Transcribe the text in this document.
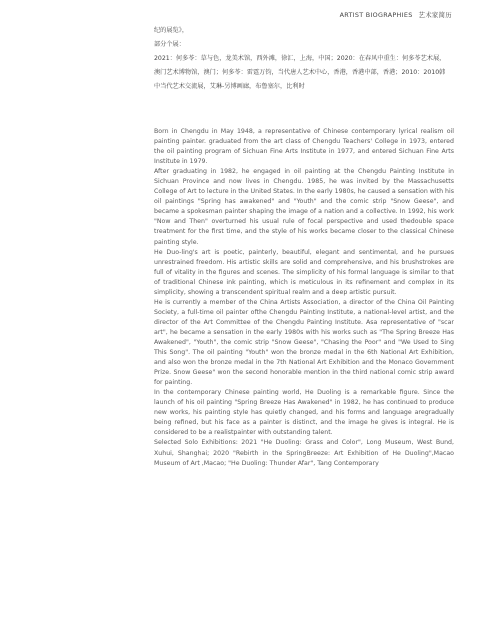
ARTIST BIOGRAPHIES 艺术家简历
纪的展览》，
部分个展：
2021：何多苓：草与色，龙美术馆，西外滩，徐汇，上海，中国；2020：在春风中重生：何多苓艺术展，
澳门艺术博物馆，澳门；何多苓：雷霆万钧，当代唐人艺术中心，香港，香港中部，香港；2010：2010韩
中当代艺术交流展，艾琳-另博画廊，布鲁塞尔，比利时

Born in Chengdu in May 1948, a representative of Chinese contemporary lyrical realism oil painting painter. graduated from the art class of Chengdu Teachers' College in 1973, entered the oil painting program of Sichuan Fine Arts Institute in 1977, and entered Sichuan Fine Arts Institute in 1979.

After graduating in 1982, he engaged in oil painting at the Chengdu Painting Institute in Sichuan Province and now lives in Chengdu. 1985, he was invited by the Massachusetts College of Art to lecture in the United States. In the early 1980s, he caused a sensation with his oil paintings "Spring has awakened" and "Youth" and the comic strip "Snow Geese", and became a spokesman painter shaping the image of a nation and a collective. In 1992, his work "Now and Then" overturned his usual rule of focal perspective and used thedouble space treatment for the first time, and the style of his works became closer to the classical Chinese painting style.

He Duo-ling's art is poetic, painterly, beautiful, elegant and sentimental, and he pursues unrestrained freedom. His artistic skills are solid and comprehensive, and his brushstrokes are full of vitality in the figures and scenes. The simplicity of his formal language is similar to that of traditional Chinese ink painting, which is meticulous in its refinement and complex in its simplicity, showing a transcendent spiritual realm and a deep artistic pursuit.

He is currently a member of the China Artists Association, a director of the China Oil Painting Society, a full-time oil painter ofthe Chengdu Painting Institute, a national-level artist, and the director of the Art Committee of the Chengdu Painting Institute. Asa representative of "scar art", he became a sensation in the early 1980s with his works such as "The Spring Breeze Has Awakened", "Youth", the comic strip "Snow Geese", "Chasing the Poor" and "We Used to Sing This Song". The oil painting "Youth" won the bronze medal in the 6th National Art Exhibition, and also won the bronze medal in the 7th National Art Exhibition and the Monaco Government Prize. Snow Geese" won the second honorable mention in the third national comic strip award for painting.

In the contemporary Chinese painting world, He Duoling is a remarkable figure. Since the launch of his oil painting "Spring Breeze Has Awakened" in 1982, he has continued to produce new works, his painting style has quietly changed, and his forms and language aregradually being refined, but his face as a painter is distinct, and the image he gives is integral. He is considered to be a realistpainter with outstanding talent.

Selected Solo Exhibitions: 2021 "He Duoling: Grass and Color", Long Museum, West Bund, Xuhui, Shanghai; 2020 "Rebirth in the SpringBreeze: Art Exhibition of He Duoling",Macao Museum of Art ,Macao; "He Duoling: Thunder Afar", Tang Contemporary
